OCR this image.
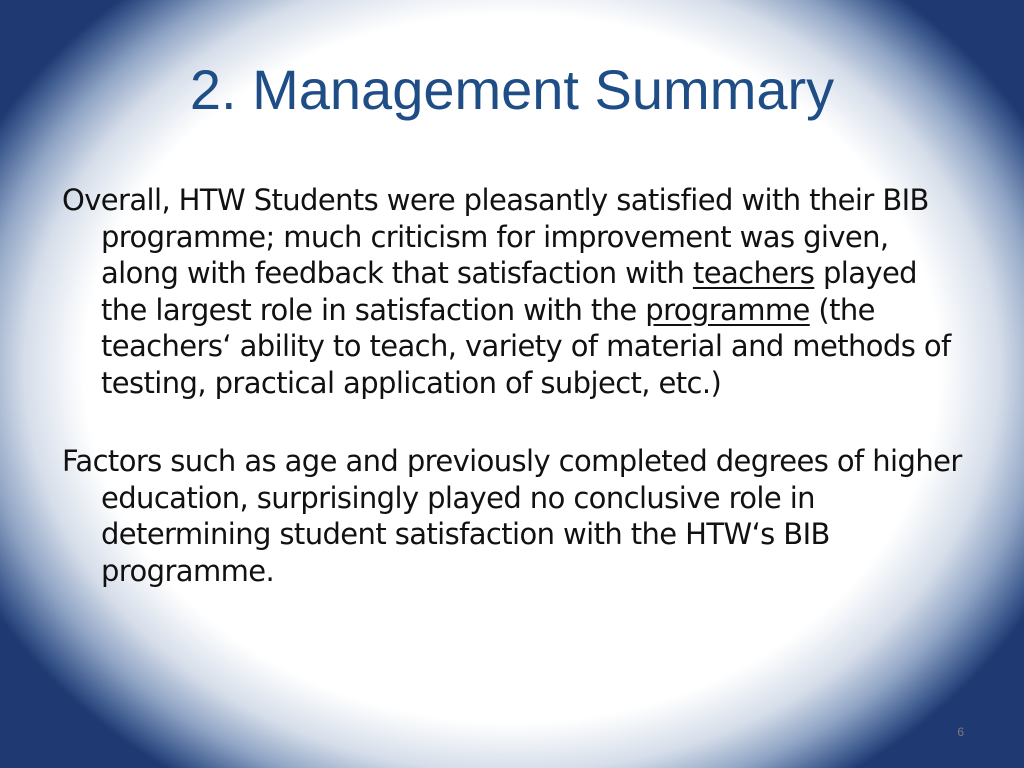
2. Management Summary

Overall, HTW Students were pleasantly satisfied with their BIB programme; much criticism for improvement was given, along with feedback that satisfaction with teachers played the largest role in satisfaction with the programme (the teachers‘ ability to teach, variety of material and methods of testing, practical application of subject, etc.)

Factors such as age and previously completed degrees of higher education, surprisingly played no conclusive role in determining student satisfaction with the HTW‘s BIB programme.

6
